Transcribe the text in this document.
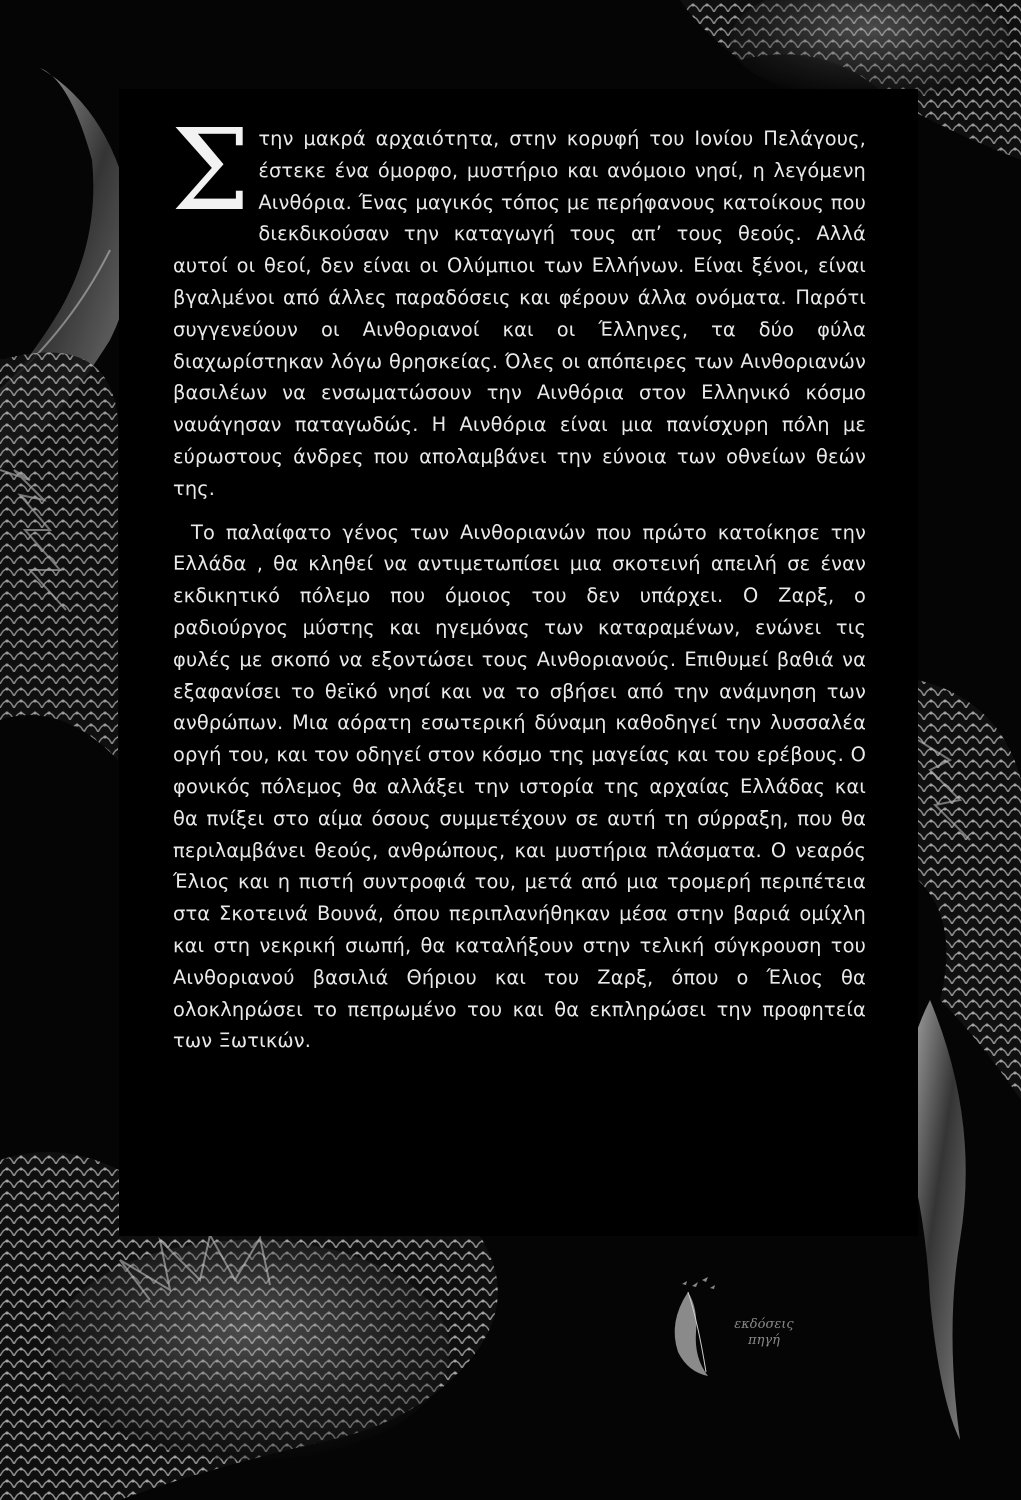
Στην μακρά αρχαιότητα, στην κορυφή του Ιονίου Πελάγους, έστεκε ένα όμορφο, μυστήριο και ανόμοιο νησί, η λεγόμενη Αινθόρια. Ένας μαγικός τόπος με περήφανους κατοίκους που διεκδικούσαν την καταγωγή τους απ’ τους θεούς. Αλλά αυτοί οι θεοί, δεν είναι οι Ολύμπιοι των Ελλήνων. Είναι ξένοι, είναι βγαλμένοι από άλλες παραδόσεις και φέρουν άλλα ονόματα. Παρότι συγγενεύουν οι Αινθοριανοί και οι Έλληνες, τα δύο φύλα διαχωρίστηκαν λόγω θρησκείας. Όλες οι απόπειρες των Αινθοριανών βασιλέων να ενσωματώσουν την Αινθόρια στον Ελληνικό κόσμο ναυάγησαν παταγωδώς. Η Αινθόρια είναι μια πανίσχυρη πόλη με εύρωστους άνδρες που απολαμβάνει την εύνοια των οθνείων θεών της.

Το παλαίφατο γένος των Αινθοριανών που πρώτο κατοίκησε την Ελλάδα , θα κληθεί να αντιμετωπίσει μια σκοτεινή απειλή σε έναν εκδικητικό πόλεμο που όμοιος του δεν υπάρχει. Ο Ζαρξ, ο ραδιούργος μύστης και ηγεμόνας των καταραμένων, ενώνει τις φυλές με σκοπό να εξοντώσει τους Αινθοριανούς. Επιθυμεί βαθιά να εξαφανίσει το θεϊκό νησί και να το σβήσει από την ανάμνηση των ανθρώπων. Μια αόρατη εσωτερική δύναμη καθοδηγεί την λυσσαλέα οργή του, και τον οδηγεί στον κόσμο της μαγείας και του ερέβους. Ο φονικός πόλεμος θα αλλάξει την ιστορία της αρχαίας Ελλάδας και θα πνίξει στο αίμα όσους συμμετέχουν σε αυτή τη σύρραξη, που θα περιλαμβάνει θεούς, ανθρώπους, και μυστήρια πλάσματα. Ο νεαρός Έλιος και η πιστή συντροφιά του, μετά από μια τρομερή περιπέτεια στα Σκοτεινά Βουνά, όπου περιπλανήθηκαν μέσα στην βαριά ομίχλη και στη νεκρική σιωπή, θα καταλήξουν στην τελική σύγκρουση του Αινθοριανού βασιλιά Θήριου και του Ζαρξ, όπου ο Έλιος θα ολοκληρώσει το πεπρωμένο του και θα εκπληρώσει την προφητεία των Ξωτικών.

εκδόσεις
πηγή
